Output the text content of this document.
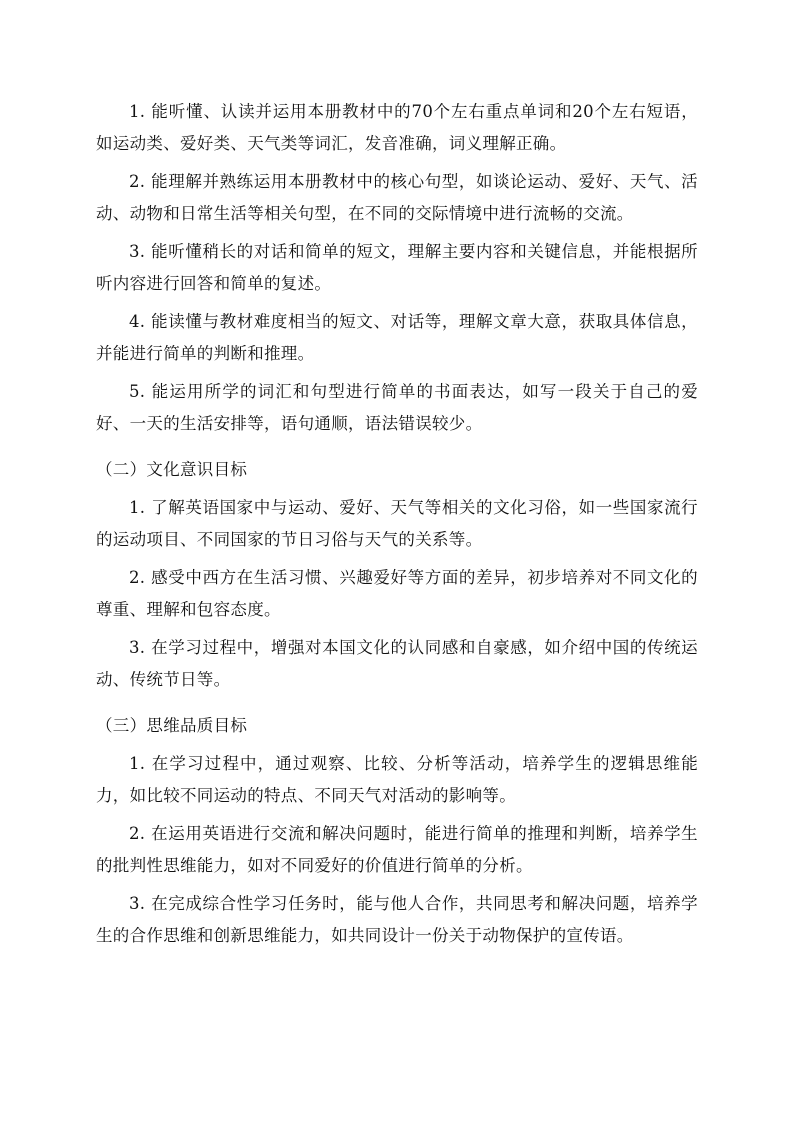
1. 能听懂、认读并运用本册教材中的70个左右重点单词和20个左右短语，如运动类、爱好类、天气类等词汇，发音准确，词义理解正确。

2. 能理解并熟练运用本册教材中的核心句型，如谈论运动、爱好、天气、活动、动物和日常生活等相关句型，在不同的交际情境中进行流畅的交流。

3. 能听懂稍长的对话和简单的短文，理解主要内容和关键信息，并能根据所听内容进行回答和简单的复述。

4. 能读懂与教材难度相当的短文、对话等，理解文章大意，获取具体信息，并能进行简单的判断和推理。

5. 能运用所学的词汇和句型进行简单的书面表达，如写一段关于自己的爱好、一天的生活安排等，语句通顺，语法错误较少。

（二）文化意识目标

1. 了解英语国家中与运动、爱好、天气等相关的文化习俗，如一些国家流行的运动项目、不同国家的节日习俗与天气的关系等。

2. 感受中西方在生活习惯、兴趣爱好等方面的差异，初步培养对不同文化的尊重、理解和包容态度。

3. 在学习过程中，增强对本国文化的认同感和自豪感，如介绍中国的传统运动、传统节日等。

（三）思维品质目标

1. 在学习过程中，通过观察、比较、分析等活动，培养学生的逻辑思维能力，如比较不同运动的特点、不同天气对活动的影响等。

2. 在运用英语进行交流和解决问题时，能进行简单的推理和判断，培养学生的批判性思维能力，如对不同爱好的价值进行简单的分析。

3. 在完成综合性学习任务时，能与他人合作，共同思考和解决问题，培养学生的合作思维和创新思维能力，如共同设计一份关于动物保护的宣传语。
